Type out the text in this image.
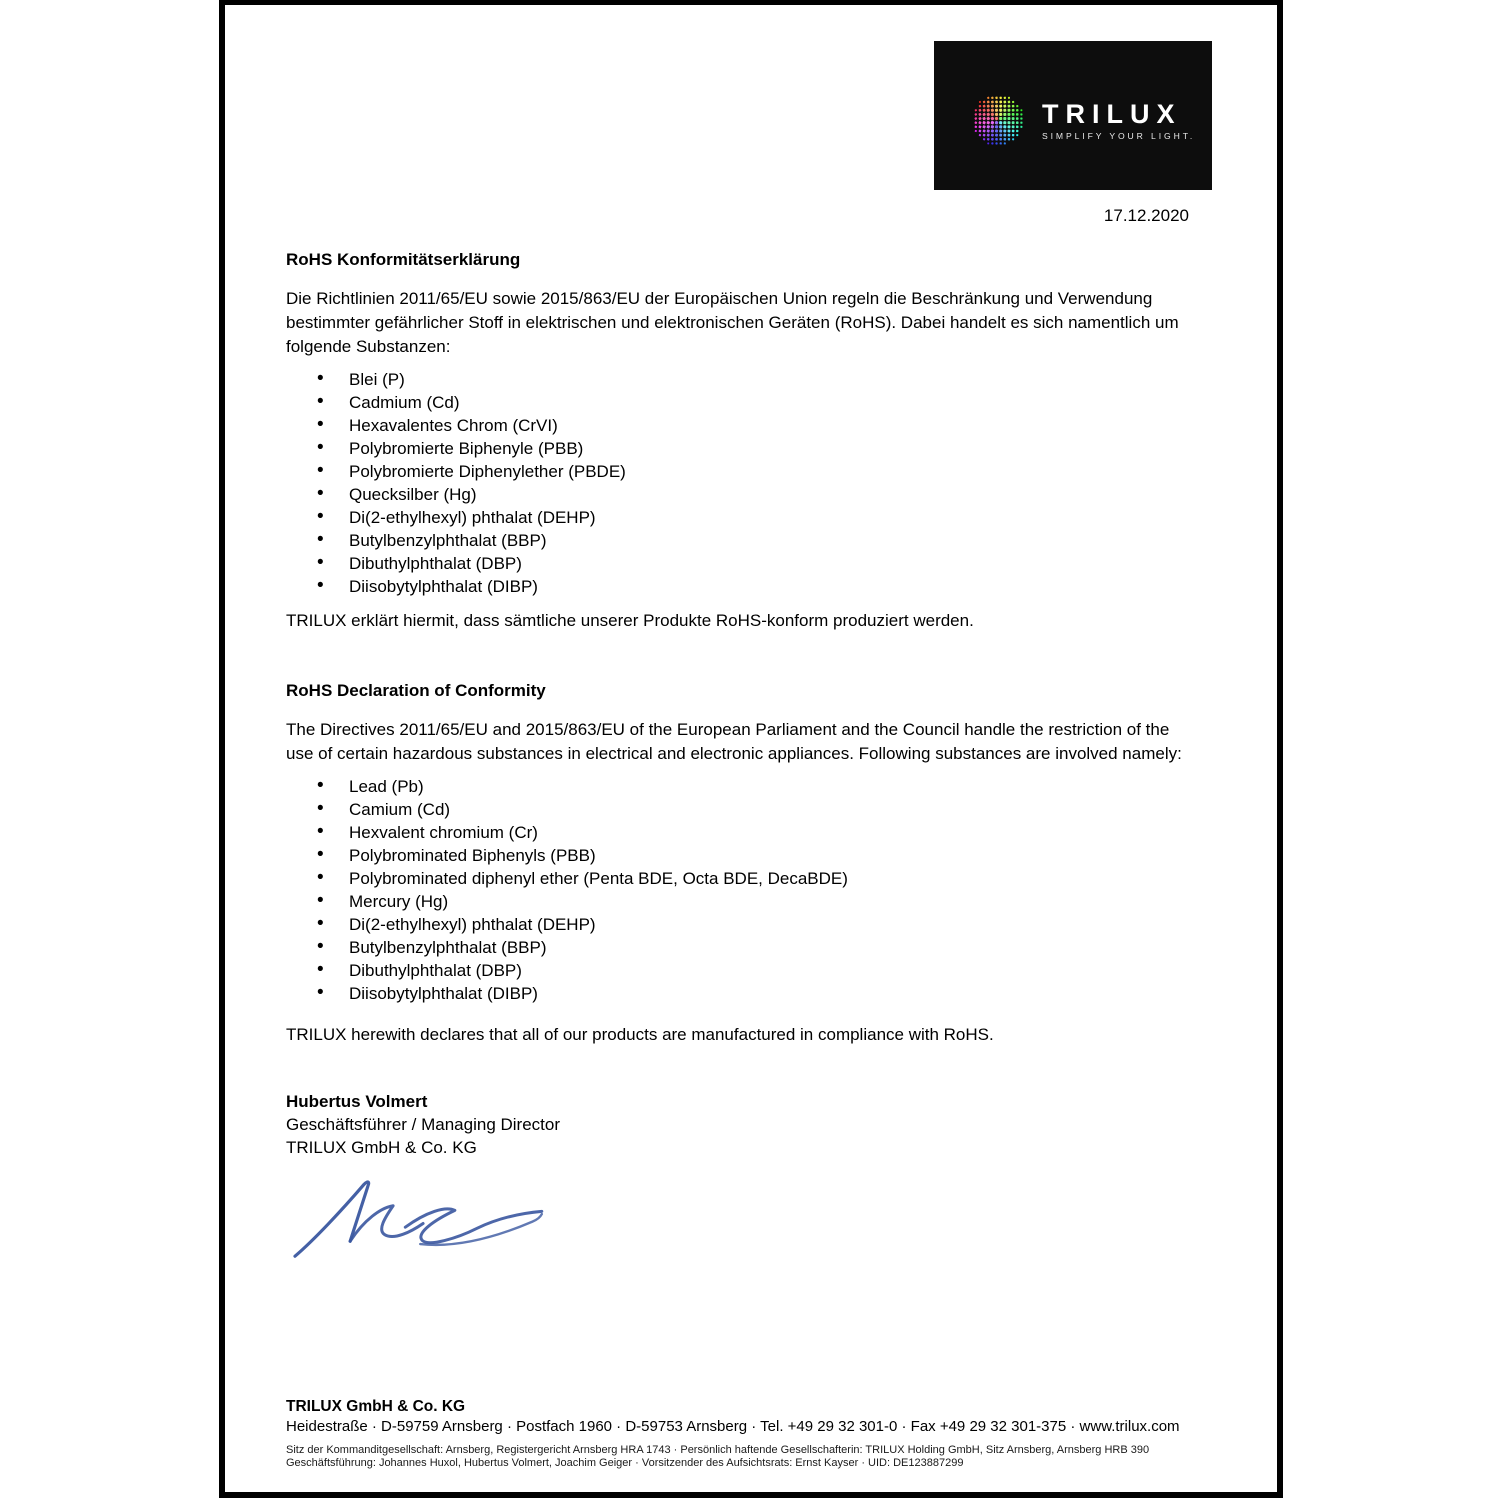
TRILUX
SIMPLIFY YOUR LIGHT.
17.12.2020
RoHS Konformitätserklärung

Die Richtlinien 2011/65/EU sowie 2015/863/EU der Europäischen Union regeln die Beschränkung und Verwendung bestimmter gefährlicher Stoff in elektrischen und elektronischen Geräten (RoHS). Dabei handelt es sich namentlich um folgende Substanzen:

• Blei (P)
• Cadmium (Cd)
• Hexavalentes Chrom (CrVI)
• Polybromierte Biphenyle (PBB)
• Polybromierte Diphenylether (PBDE)
• Quecksilber (Hg)
• Di(2-ethylhexyl) phthalat (DEHP)
• Butylbenzylphthalat (BBP)
• Dibuthylphthalat (DBP)
• Diisobytylphthalat (DIBP)

TRILUX erklärt hiermit, dass sämtliche unserer Produkte RoHS-konform produziert werden.

RoHS Declaration of Conformity

The Directives 2011/65/EU and 2015/863/EU of the European Parliament and the Council handle the restriction of the use of certain hazardous substances in electrical and electronic appliances. Following substances are involved namely:

• Lead (Pb)
• Camium (Cd)
• Hexvalent chromium (Cr)
• Polybrominated Biphenyls (PBB)
• Polybrominated diphenyl ether (Penta BDE, Octa BDE, DecaBDE)
• Mercury (Hg)
• Di(2-ethylhexyl) phthalat (DEHP)
• Butylbenzylphthalat (BBP)
• Dibuthylphthalat (DBP)
• Diisobytylphthalat (DIBP)

TRILUX herewith declares that all of our products are manufactured in compliance with RoHS.

Hubertus Volmert

Geschäftsführer / Managing Director

TRILUX GmbH & Co. KG

TRILUX GmbH & Co. KG

Heidestraße · D-59759 Arnsberg · Postfach 1960 · D-59753 Arnsberg · Tel. +49 29 32 301-0 · Fax +49 29 32 301-375 · www.trilux.com

Sitz der Kommanditgesellschaft: Arnsberg, Registergericht Arnsberg HRA 1743 · Persönlich haftende Gesellschafterin: TRILUX Holding GmbH, Sitz Arnsberg, Arnsberg HRB 390

Geschäftsführung: Johannes Huxol, Hubertus Volmert, Joachim Geiger · Vorsitzender des Aufsichtsrats: Ernst Kayser · UID: DE123887299
